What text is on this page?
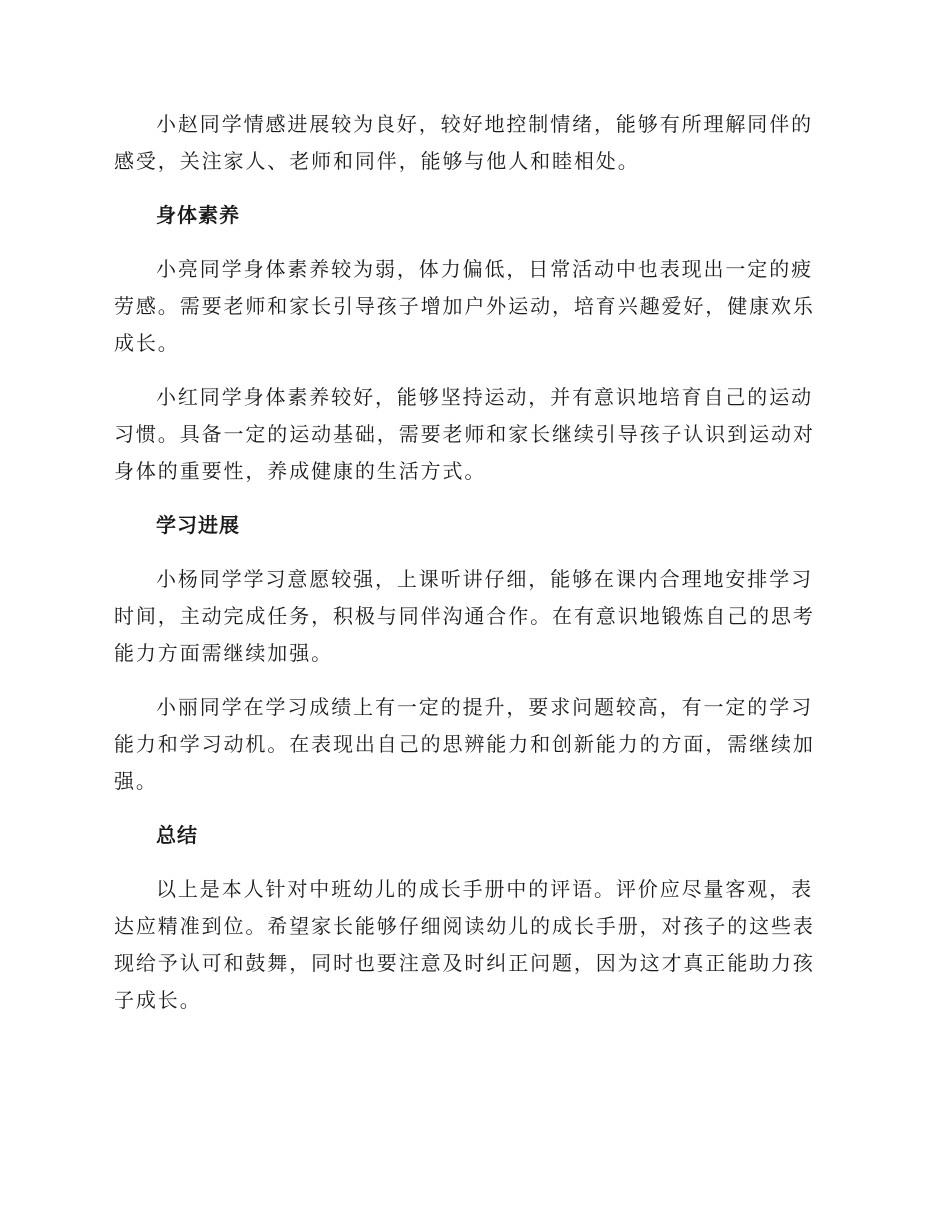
小赵同学情感进展较为良好，较好地控制情绪，能够有所理解同伴的感受，关注家人、老师和同伴，能够与他人和睦相处。

身体素养

小亮同学身体素养较为弱，体力偏低，日常活动中也表现出一定的疲劳感。需要老师和家长引导孩子增加户外运动，培育兴趣爱好，健康欢乐成长。

小红同学身体素养较好，能够坚持运动，并有意识地培育自己的运动习惯。具备一定的运动基础，需要老师和家长继续引导孩子认识到运动对身体的重要性，养成健康的生活方式。

学习进展

小杨同学学习意愿较强，上课听讲仔细，能够在课内合理地安排学习时间，主动完成任务，积极与同伴沟通合作。在有意识地锻炼自己的思考能力方面需继续加强。

小丽同学在学习成绩上有一定的提升，要求问题较高，有一定的学习能力和学习动机。在表现出自己的思辨能力和创新能力的方面，需继续加强。

总结

以上是本人针对中班幼儿的成长手册中的评语。评价应尽量客观，表达应精准到位。希望家长能够仔细阅读幼儿的成长手册，对孩子的这些表现给予认可和鼓舞，同时也要注意及时纠正问题，因为这才真正能助力孩子成长。
